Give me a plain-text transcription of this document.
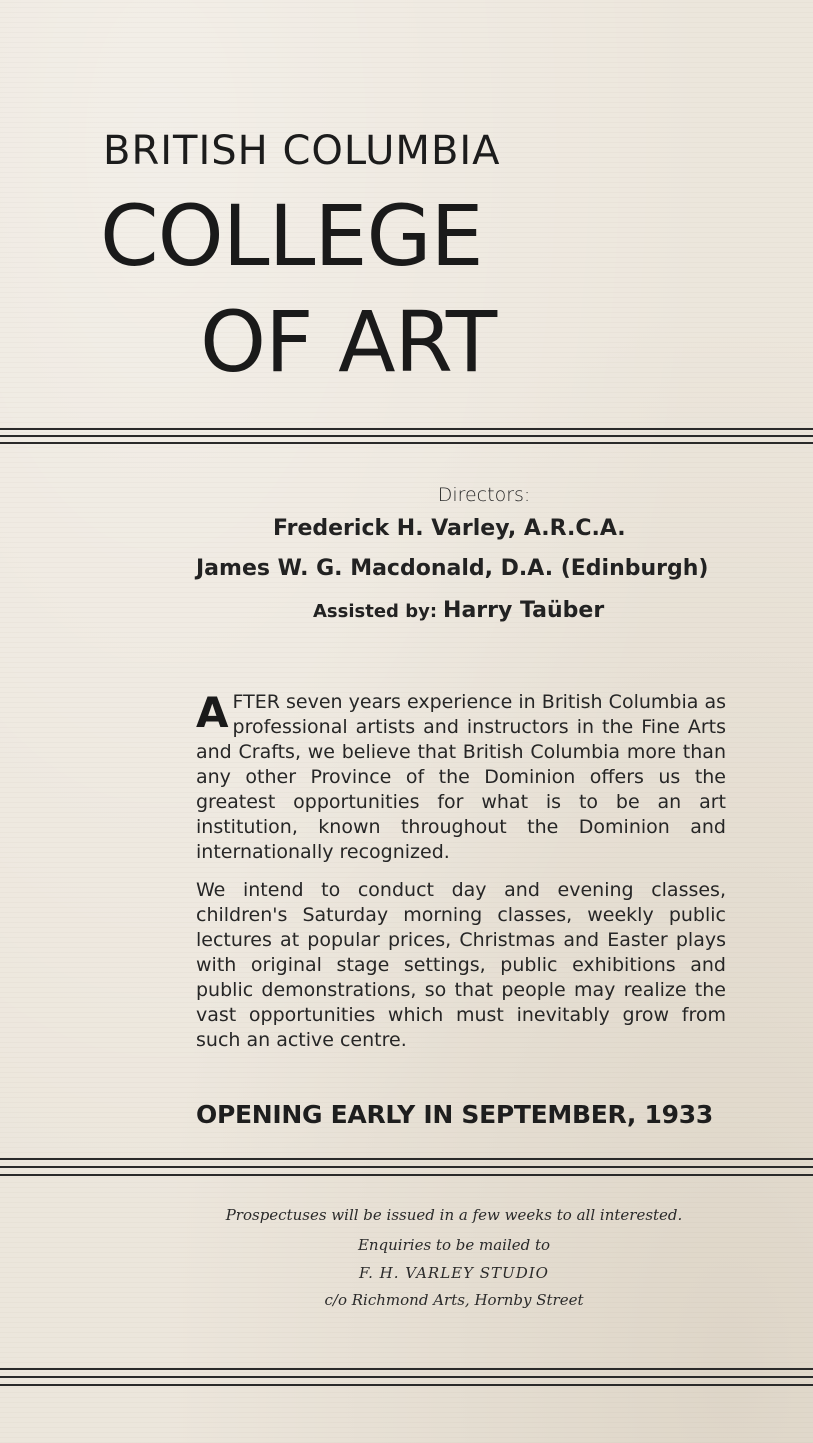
BRITISH COLUMBIA
COLLEGE
OF ART
Directors:
Frederick H. Varley, A.R.C.A.
James W. G. Macdonald, D.A. (Edinburgh)
Assisted by: Harry Taüber
AFTER seven years experience in British Columbia as professional artists and instructors in the Fine Arts and Crafts, we believe that British Columbia more than any other Province of the Dominion offers us the greatest opportunities for what is to be an art institution, known throughout the Dominion and internationally recognized.
We intend to conduct day and evening classes, children's Saturday morning classes, weekly public lectures at popular prices, Christmas and Easter plays with original stage settings, public exhibitions and public demonstrations, so that people may realize the vast opportunities which must inevitably grow from such an active centre.
OPENING EARLY IN SEPTEMBER, 1933
Prospectuses will be issued in a few weeks to all interested.
Enquiries to be mailed to
F. H. VARLEY STUDIO
c/o Richmond Arts, Hornby Street
